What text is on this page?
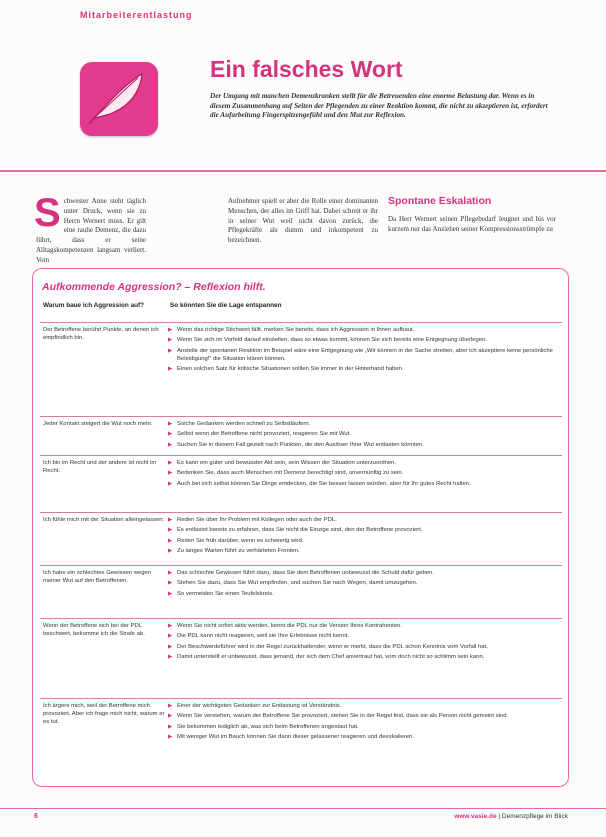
Mitarbeiterentlastung
Ein falsches Wort
Der Umgang mit manchen Demenzkranken stellt für die Betreuenden eine enorme Belastung dar. Wenn es in diesem Zusammenhang auf Seiten der Pflegenden zu einer Reaktion kommt, die nicht zu akzeptieren ist, erfordert die Aufarbeitung Fingerspitzengefühl und den Mut zur Reflexion.
Schwester Anne steht täglich unter Druck, wenn sie zu Herrn Wernert muss. Er gilt eine rauhe Demenz, die dazu führt, dass er seine Alltagskompetenzen langsam verliert. Vom
Aufnehmer spielt er aber die Rolle einer dominanten Menschen, der alles im Griff hat. Dabei schreit er ihr in seiner Wut weil nicht davon zurück, die Pflegekräfte als dumm und inkompetent zu bezeichnen.
Spontane Eskalation
Da Herr Wernert seinen Pflegebedarf leugnet und bis vor kurzem nur das Anziehen seiner Kompressionsstrümpfe zu
Aufkommende Aggression? – Reflexion hilft.
Warum baue ich Aggression auf?	So könnten Sie die Lage entspannen
Der Betroffene berührt Punkte, an denen ich empfindlich bin.
▶ Wenn das richtige Stichwort fällt, merken Sie bereits, dass ich Aggression in Ihnen aufbaut.
▶ Wenn Sie sich im Vorfeld darauf einstellen, dass so etwas kommt, können Sie sich bereits eine Entgegnung überlegen.
▶ Anstelle der spontanen Reaktion im Beispiel wäre eine Entgegnung wie „Wir können in der Sache streiten, aber ich akzeptiere keine persönliche Beleidigung!“ die Situation klären können.
▶ Einen solchen Satz für kritische Situationen sollten Sie immer in der Hinterhand haben.
Jeder Kontakt steigert die Wut noch mehr.	▶ Solche Gedanken werden schnell zu Selbstläufern.
▶ Selbst wenn der Betroffene nicht provoziert, reagieren Sie mit Wut.
▶ Suchen Sie in diesem Fall gezielt nach Punkten, die den Auslöser Ihrer Wut entlasten könnten.
Ich bin im Recht und der andere ist nicht im Recht.
▶ Es kann ein guter und bewusster Akt sein, sein Wissen der Situation unterzuordnen.
▶ Bedenken Sie, dass auch Menschen mit Demenz berechtigt sind, unvernünftig zu sein.
▶ Auch bei sich selbst können Sie Dinge entdecken, die Sie besser lassen würden, aber für Ihr gutes Recht halten.
Ich fühle mich mit der Situation alleingelassen. ▶ Reden Sie über Ihr Problem mit Kollegen oder auch der PDL.
▶ Es entlastet bereits zu erfahren, dass Sie nicht die Einzige sind, den der Betroffene provoziert.
▶ Reden Sie früh darüber, wenn es schwierig wird.
▶ Zu langes Warten führt zu verhärteten Fronten.
Ich habe ein schlechtes Gewissen wegen meiner Wut auf den Betroffenen.
▶ Das schlechte Gewissen führt dazu, dass Sie dem Betroffenen unbewusst die Schuld dafür geben.
▶ Stehen Sie dazu, dass Sie Wut empfinden, und suchen Sie nach Wegen, damit umzugehen.
▶ So vermeiden Sie einen Teufelskreis.
Wenn der Betroffene sich bei der PDL beschwert, bekomme ich die Strafe ab.
▶ Wenn Sie nicht sofort aktiv werden, kennt die PDL nur die Version Ihres Kontrahenten.
▶ Die PDL kann nicht reagieren, weil sie Ihre Erlebnisse nicht kennt.
▶ Der Beschwerdeführer wird in der Regel zurückhaltender, wenn er merkt, dass die PDL schon Kenntnis vom Vorfall hat.
▶ Damit unterstellt er unbewusst, dass jemand, der sich dem Chef anvertraut hat, vom doch nicht so schlimm sein kann.
Ich ärgere mich, weil der Betroffene mich provoziert. Aber ich frage mich nicht, warum er es tut.
▶ Einer der wichtigsten Gedanken zur Entlastung ist Verständnis.
▶ Wenn Sie verstehen, warum der Betroffene Sie provoziert, stehen Sie in der Regel fest, dass sie als Person nicht gemeint sind.
▶ Sie bekommen lediglich ab, was sich beim Betroffenen angestaut hat.
▶ Mit weniger Wut im Bauch können Sie dann dieser gelassener reagieren und deeskalieren.
6	www.vasie.de | Demenzpflege im Blick
